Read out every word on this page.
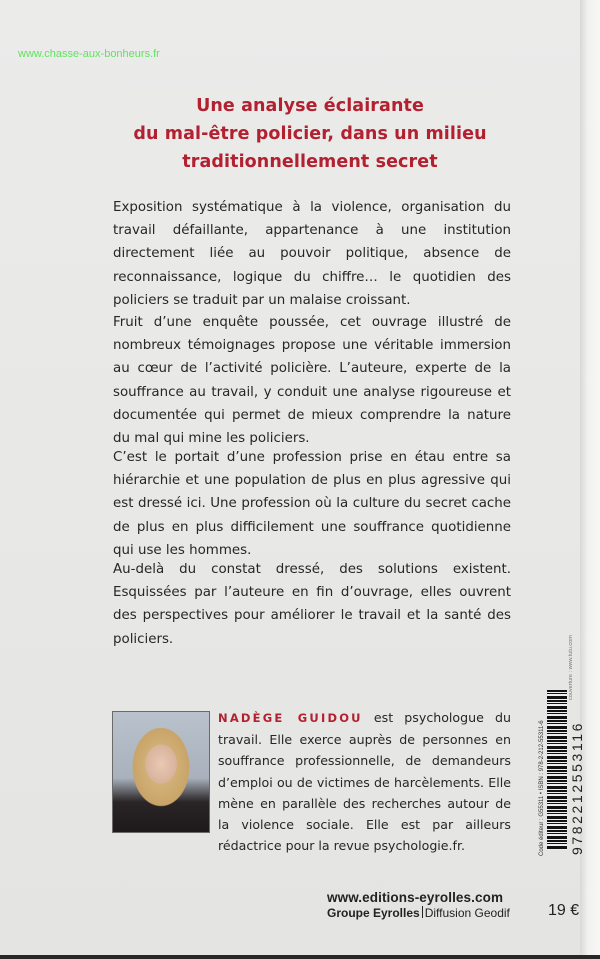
www.chasse-aux-bonheurs.fr
Une analyse éclairante
du mal-être policier, dans un milieu
traditionnellement secret

Exposition systématique à la violence, organisation du travail défaillante, appartenance à une institution directement liée au pouvoir politique, absence de reconnaissance, logique du chiffre… le quotidien des policiers se traduit par un malaise croissant.

Fruit d’une enquête poussée, cet ouvrage illustré de nombreux témoignages propose une véritable immersion au cœur de l’activité policière. L’auteure, experte de la souffrance au travail, y conduit une analyse rigoureuse et documentée qui permet de mieux comprendre la nature du mal qui mine les policiers.

C’est le portait d’une profession prise en étau entre sa hiérarchie et une population de plus en plus agressive qui est dressé ici. Une profession où la culture du secret cache de plus en plus difficilement une souffrance quotidienne qui use les hommes.

Au-delà du constat dressé, des solutions existent. Esquissées par l’auteure en fin d’ouvrage, elles ouvrent des perspectives pour améliorer le travail et la santé des policiers.

NADÈGE GUIDOU est psychologue du travail. Elle exerce auprès de personnes en souffrance professionnelle, de demandeurs d’emploi ou de victimes de harcèlements. Elle mène en parallèle des recherches autour de la violence sociale. Elle est par ailleurs rédactrice pour la revue psychologie.fr.

www.editions-eyrolles.com
Groupe Eyrolles Diffusion Geodif 19 €
couverture : www.tutu.com
Code éditeur : G55311 • ISBN : 978-2-212-55311-6 9782212553116
